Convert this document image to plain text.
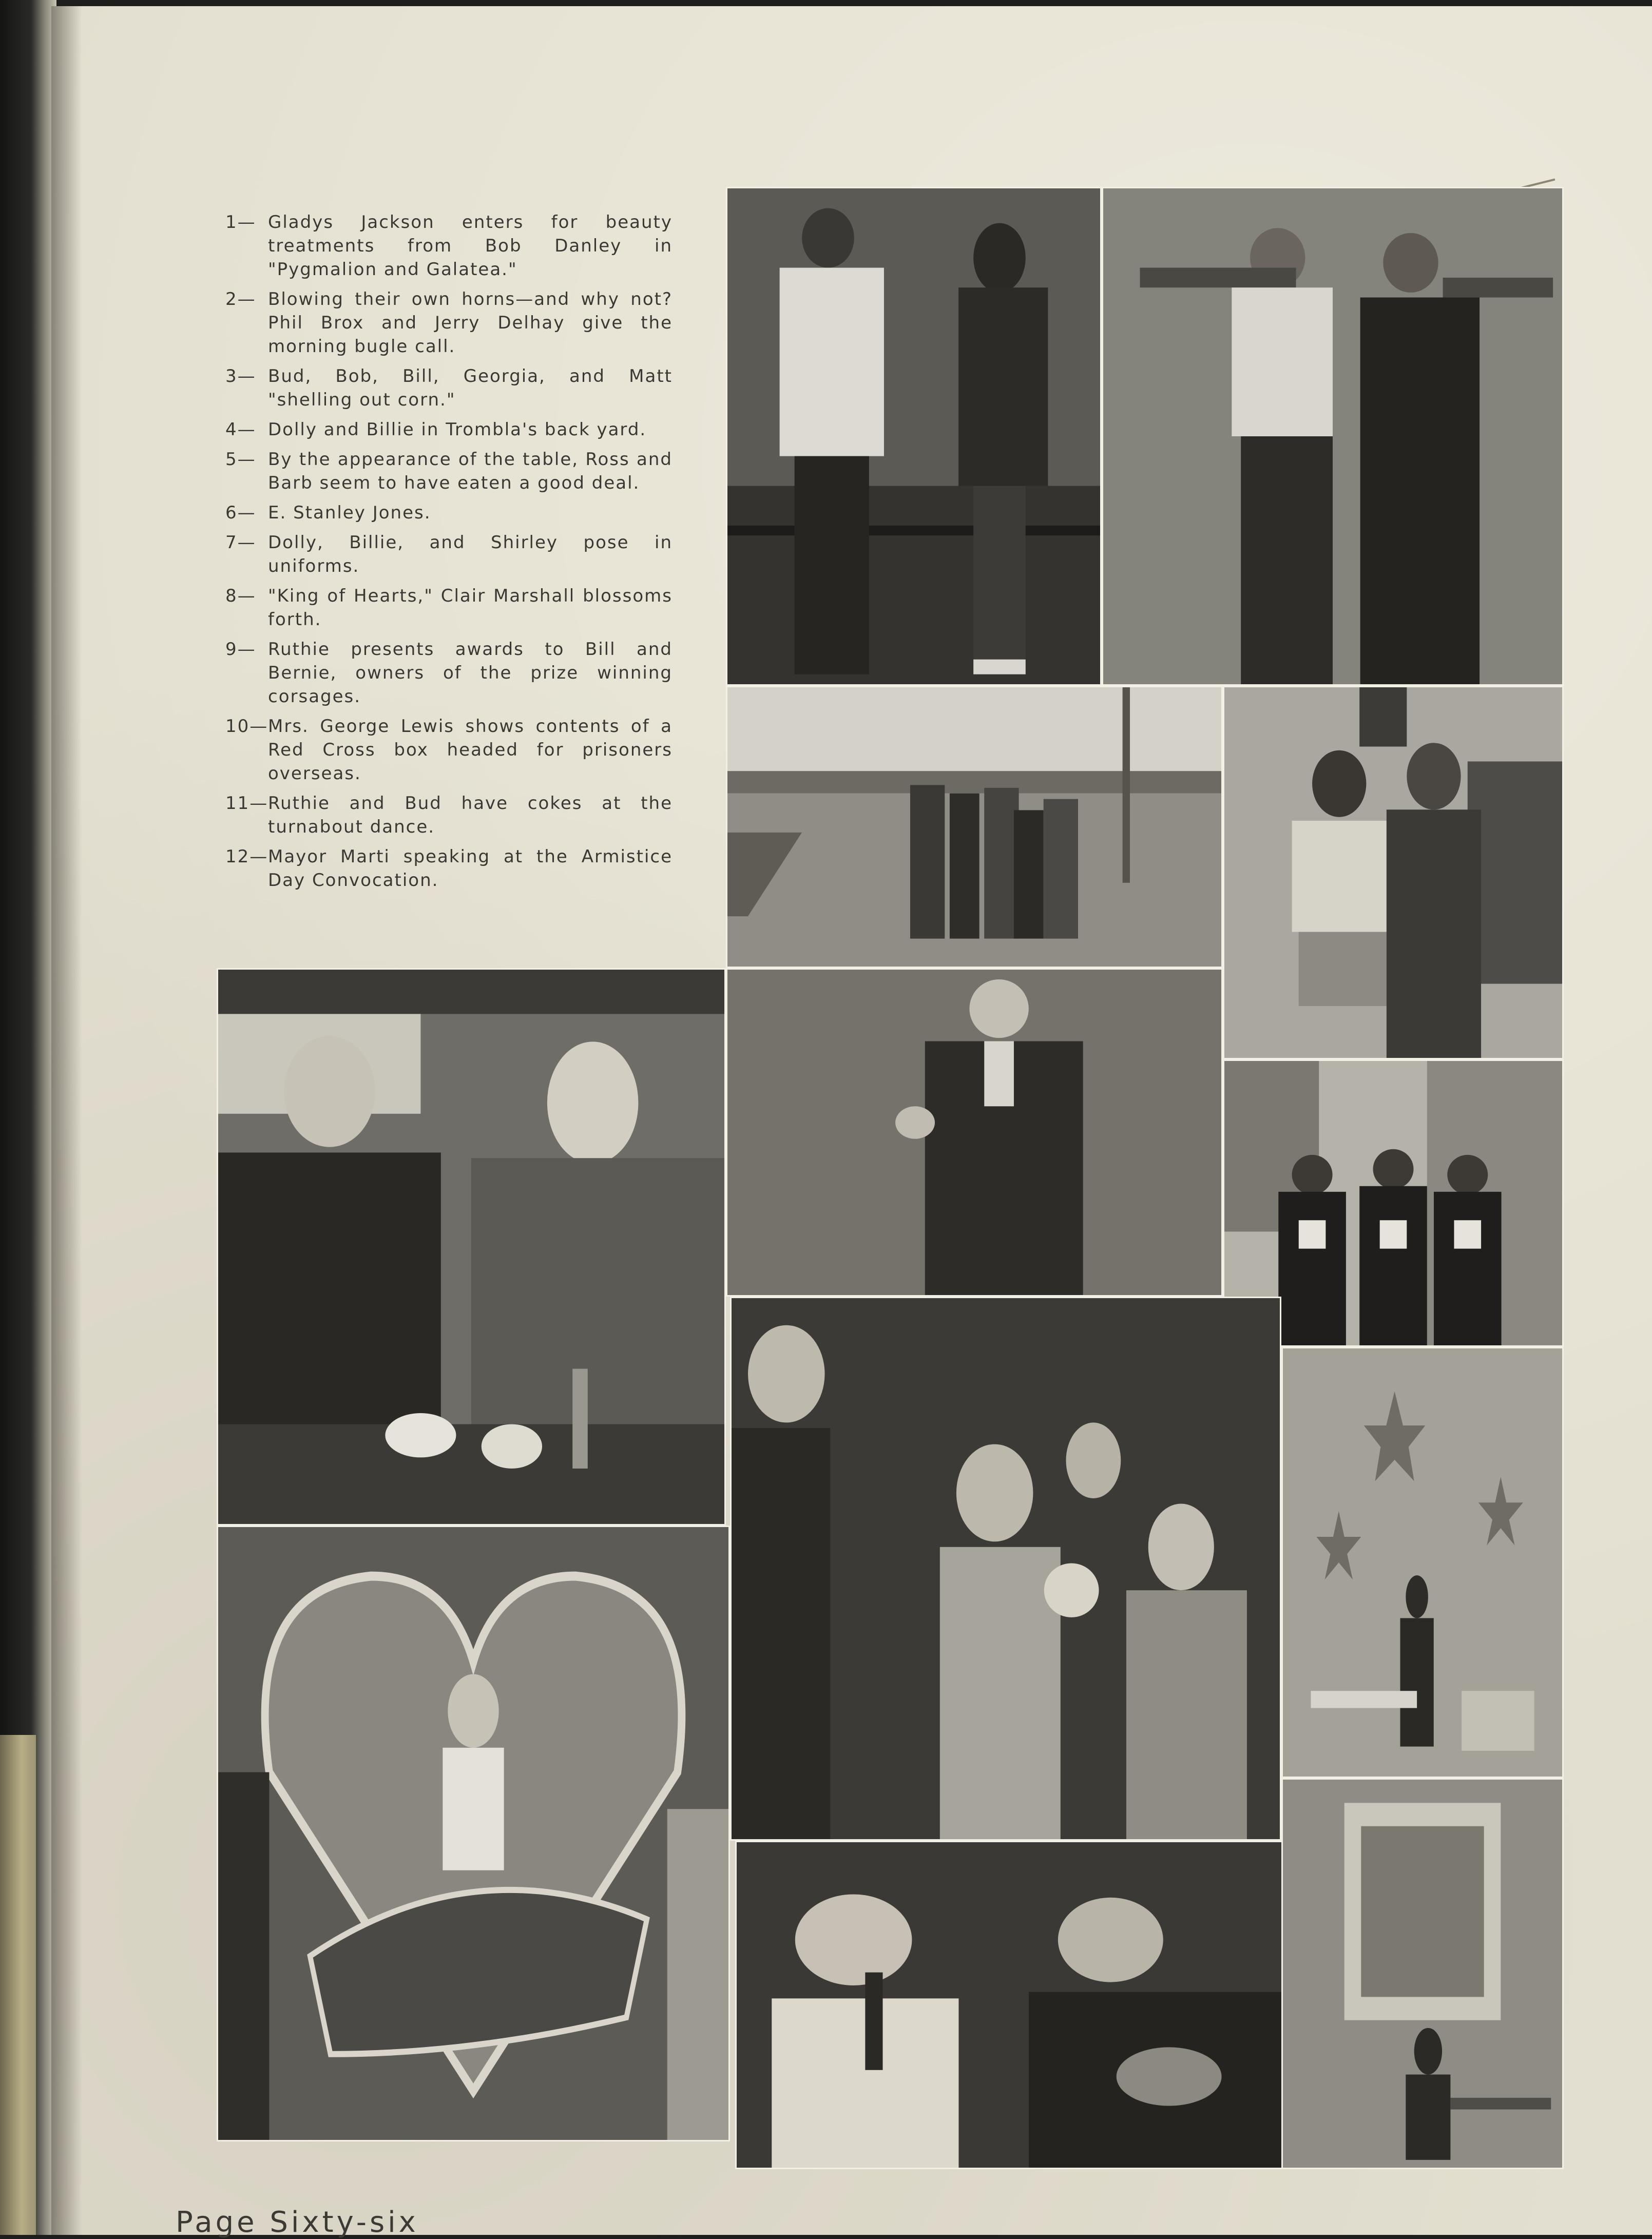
1— Gladys Jackson enters for beauty treatments from Bob Danley in "Pygmalion and Galatea."
2— Blowing their own horns—and why not? Phil Brox and Jerry Delhay give the morning bugle call.
3— Bud, Bob, Bill, Georgia, and Matt "shelling out corn."
4— Dolly and Billie in Trombla's back yard.
5— By the appearance of the table, Ross and Barb seem to have eaten a good deal.
6— E. Stanley Jones.
7— Dolly, Billie, and Shirley pose in uniforms.
8— "King of Hearts," Clair Marshall blossoms forth.
9— Ruthie presents awards to Bill and Bernie, owners of the prize winning corsages.
10— Mrs. George Lewis shows contents of a Red Cross box headed for prisoners overseas.
11— Ruthie and Bud have cokes at the turnabout dance.
12— Mayor Marti speaking at the Armistice Day Convocation.
Page Sixty-six
